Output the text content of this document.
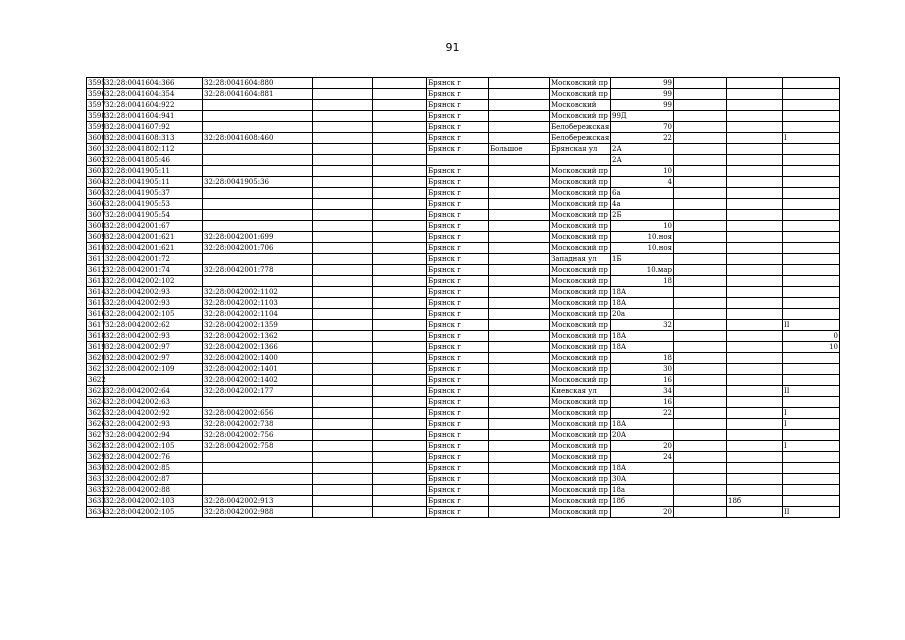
91
3595	32:28:0041604:366	32:28:0041604:880			Брянск г		Московский пр	99			
3596	32:28:0041604:354	32:28:0041604:881			Брянск г		Московский пр	99			
3597	32:28:0041604:922				Брянск г		Московский	99			
3598	32:28:0041604:941				Брянск г		Московский пр	99Д			
3599	32:28:0041607:92				Брянск г		Белобережская	70			
3600	32:28:0041608:313	32:28:0041608:460			Брянск г		Белобережская	22			I
3601	32:28:0041802:112				Брянск г	Большое	Брянская ул	2А			
3602	32:28:0041805:46							2А			
3603	32:28:0041905:11				Брянск г		Московский пр	10			
3604	32:28:0041905:11	32:28:0041905:36			Брянск г		Московский пр	4			
3605	32:28:0041905:37				Брянск г		Московский пр	6а			
3606	32:28:0041905:53				Брянск г		Московский пр	4а			
3607	32:28:0041905:54				Брянск г		Московский пр	2Б			
3608	32:28:0042001:67				Брянск г		Московский пр	10			
3609	32:28:0042001:621	32:28:0042001:699			Брянск г		Московский пр	10.ноя			
3610	32:28:0042001:621	32:28:0042001:706			Брянск г		Московский пр	10.ноя			
3611	32:28:0042001:72				Брянск г		Западная ул	1Б			
3612	32:28:0042001:74	32:28:0042001:778			Брянск г		Московский пр	10.мар			
3613	32:28:0042002:102				Брянск г		Московский пр	18			
3614	32:28:0042002:93	32:28:0042002:1102			Брянск г		Московский пр	18А			
3615	32:28:0042002:93	32:28:0042002:1103			Брянск г		Московский пр	18А			
3616	32:28:0042002:105	32:28:0042002:1104			Брянск г		Московский пр	20а			
3617	32:28:0042002:62	32:28:0042002:1359			Брянск г		Московский пр	32			II
3618	32:28:0042002:93	32:28:0042002:1362			Брянск г		Московский пр	18А			0
3619	32:28:0042002:97	32:28:0042002:1366			Брянск г		Московский пр	18А			10
3620	32:28:0042002:97	32:28:0042002:1400			Брянск г		Московский пр	18			
3621	32:28:0042002:109	32:28:0042002:1401			Брянск г		Московский пр	30			
3622		32:28:0042002:1402			Брянск г		Московский пр	16			
3623	32:28:0042002:64	32:28:0042002:177			Брянск г		Киевская ул	34			II
3624	32:28:0042002:63				Брянск г		Московский пр	16			
3625	32:28:0042002:92	32:28:0042002:656			Брянск г		Московский пр	22			I
3626	32:28:0042002:93	32:28:0042002:738			Брянск г		Московский пр	18А			I
3627	32:28:0042002:94	32:28:0042002:756			Брянск г		Московский пр	20А			
3628	32:28:0042002:105	32:28:0042002:758			Брянск г		Московский пр	20			I
3629	32:28:0042002:76				Брянск г		Московский пр	24			
3630	32:28:0042002:85				Брянск г		Московский пр	18А			
3631	32:28:0042002:87				Брянск г		Московский пр	30А			
3632	32:28:0042002:88				Брянск г		Московский пр	18а			
3633	32:28:0042002:103	32:28:0042002:913			Брянск г		Московский пр	18б		18б	
3634	32:28:0042002:105	32:28:0042002:988			Брянск г		Московский пр	20			II
